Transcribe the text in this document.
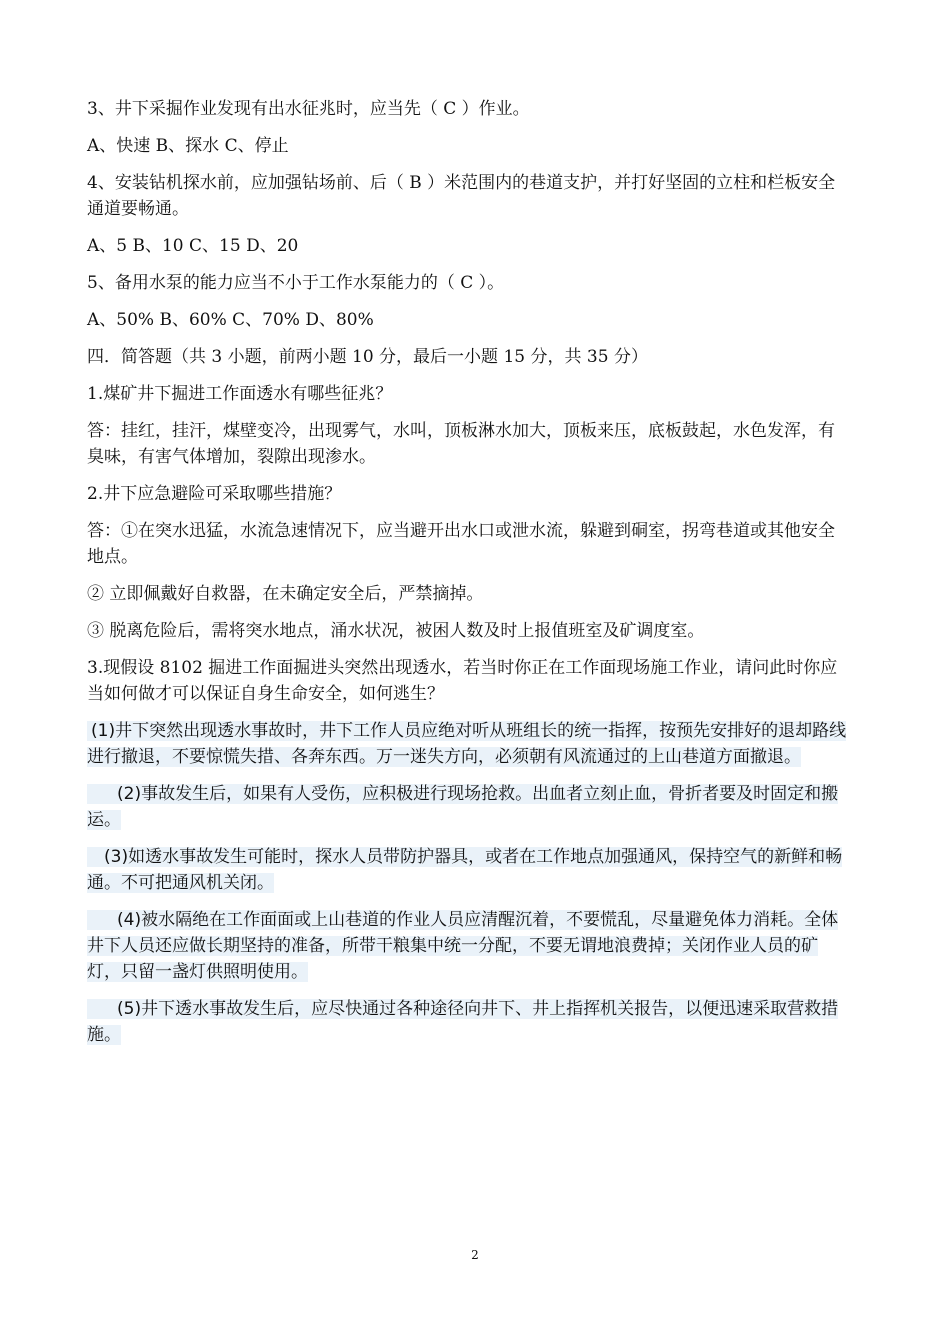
3、井下采掘作业发现有出水征兆时，应当先（ C ）作业。

A、快速 B、探水 C、停止

4、安装钻机探水前，应加强钻场前、后（ B ）米范围内的巷道支护，并打好坚固的立柱和栏板安全通道要畅通。

A、5 B、10 C、15 D、20

5、备用水泵的能力应当不小于工作水泵能力的（ C ）。

A、50% B、60% C、70% D、80%

四．简答题（共 3 小题，前两小题 10 分，最后一小题 15 分，共 35 分）

1.煤矿井下掘进工作面透水有哪些征兆？

答：挂红，挂汗，煤壁变冷，出现雾气，水叫，顶板淋水加大，顶板来压，底板鼓起，水色发浑，有臭味，有害气体增加，裂隙出现渗水。

2.井下应急避险可采取哪些措施？

答：①在突水迅猛，水流急速情况下，应当避开出水口或泄水流，躲避到硐室，拐弯巷道或其他安全地点。

② 立即佩戴好自救器，在未确定安全后，严禁摘掉。

③ 脱离危险后，需将突水地点，涌水状况，被困人数及时上报值班室及矿调度室。

3.现假设 8102 掘进工作面掘进头突然出现透水，若当时你正在工作面现场施工作业，请问此时你应当如何做才可以保证自身生命安全，如何逃生？

(1)井下突然出现透水事故时，井下工作人员应绝对听从班组长的统一指挥，按预先安排好的退却路线进行撤退，不要惊慌失措、各奔东西。万一迷失方向，必须朝有风流通过的上山巷道方面撤退。

(2)事故发生后，如果有人受伤，应积极进行现场抢救。出血者立刻止血，骨折者要及时固定和搬运。

(3)如透水事故发生可能时，探水人员带防护器具，或者在工作地点加强通风，保持空气的新鲜和畅通。不可把通风机关闭。

(4)被水隔绝在工作面面或上山巷道的作业人员应清醒沉着，不要慌乱，尽量避免体力消耗。全体井下人员还应做长期坚持的准备，所带干粮集中统一分配，不要无谓地浪费掉；关闭作业人员的矿灯，只留一盏灯供照明使用。

(5)井下透水事故发生后，应尽快通过各种途径向井下、井上指挥机关报告，以便迅速采取营救措施。

2
